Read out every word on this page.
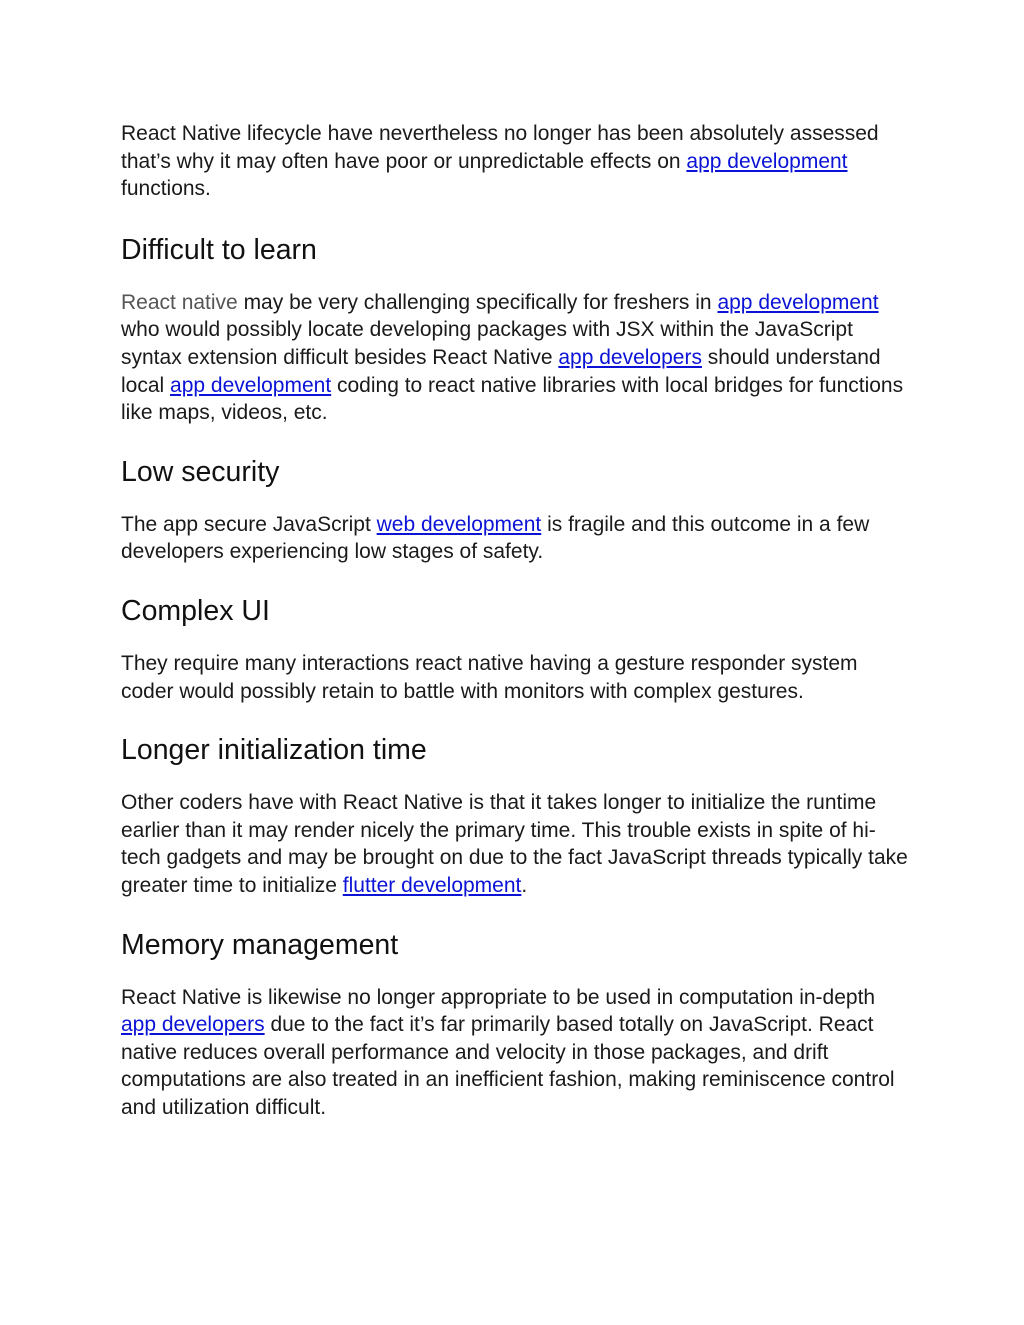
React Native lifecycle have nevertheless no longer has been absolutely assessed that’s why it may often have poor or unpredictable effects on app development functions.

Difficult to learn

React native may be very challenging specifically for freshers in app development who would possibly locate developing packages with JSX within the JavaScript syntax extension difficult besides React Native app developers should understand local app development coding to react native libraries with local bridges for functions like maps, videos, etc.

Low security

The app secure JavaScript web development is fragile and this outcome in a few developers experiencing low stages of safety.

Complex UI

They require many interactions react native having a gesture responder system coder would possibly retain to battle with monitors with complex gestures.

Longer initialization time

Other coders have with React Native is that it takes longer to initialize the runtime earlier than it may render nicely the primary time. This trouble exists in spite of hi-tech gadgets and may be brought on due to the fact JavaScript threads typically take greater time to initialize flutter development.

Memory management

React Native is likewise no longer appropriate to be used in computation in-depth app developers due to the fact it’s far primarily based totally on JavaScript. React native reduces overall performance and velocity in those packages, and drift computations are also treated in an inefficient fashion, making reminiscence control and utilization difficult.
